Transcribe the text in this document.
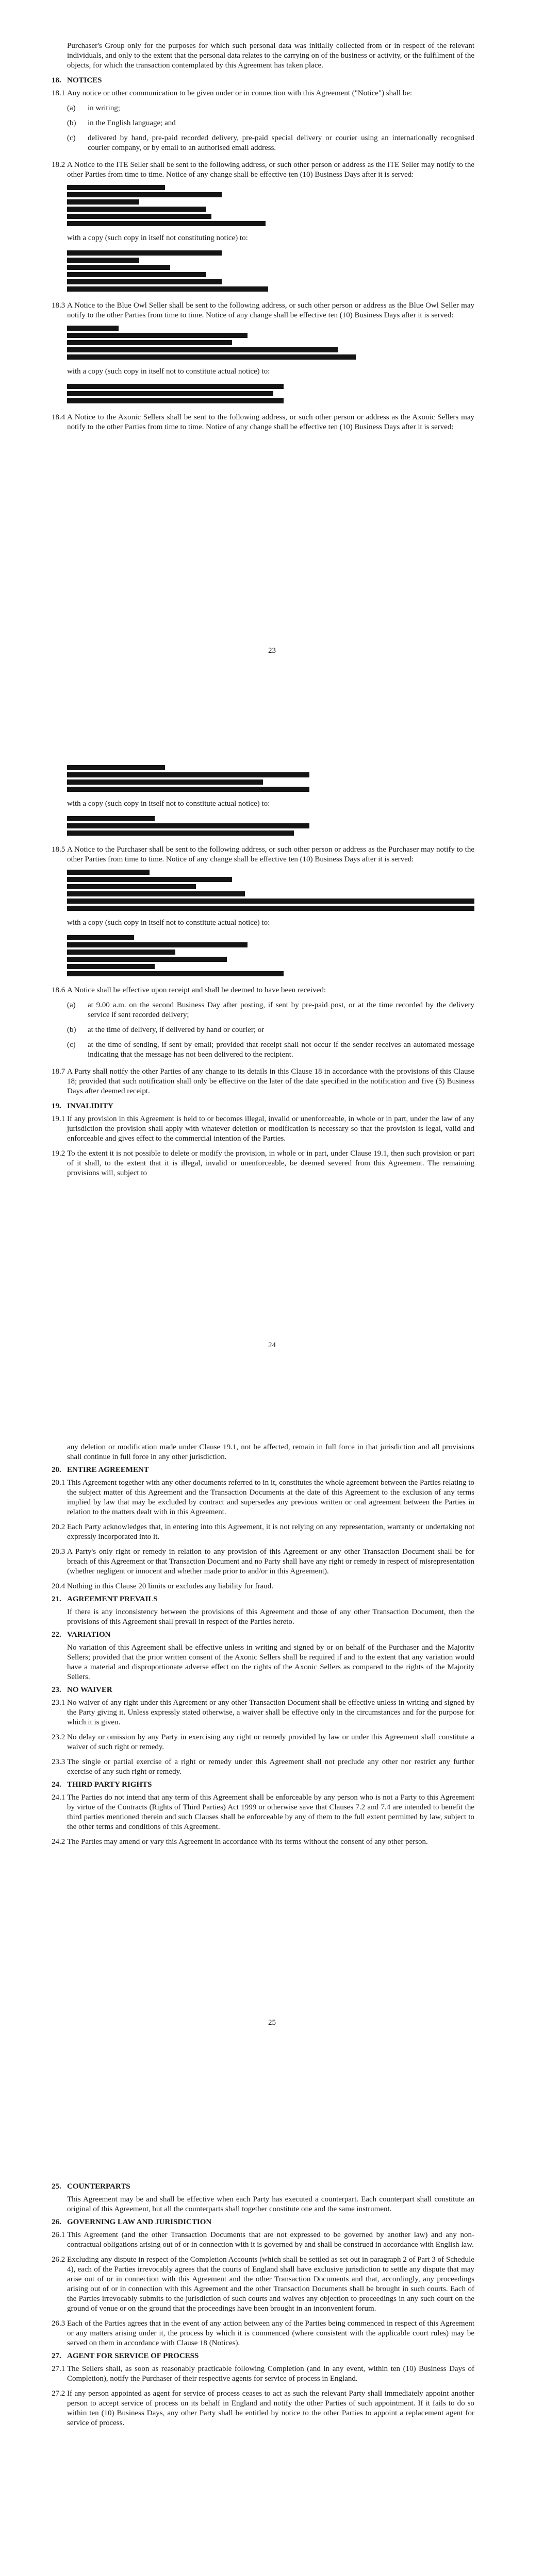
Purchaser's Group only for the purposes for which such personal data was initially collected from or in respect of the relevant individuals, and only to the extent that the personal data relates to the carrying on of the business or activity, or the fulfilment of the objects, for which the transaction contemplated by this Agreement has taken place.

18. NOTICES
18.1 Any notice or other communication to be given under or in connection with this Agreement ("Notice") shall be:
(a) in writing;
(b) in the English language; and
(c) delivered by hand, pre-paid recorded delivery, pre-paid special delivery or courier using an internationally recognised courier company, or by email to an authorised email address.
18.2 A Notice to the ITE Seller shall be sent to the following address, or such other person or address as the ITE Seller may notify to the other Parties from time to time. Notice of any change shall be effective ten (10) Business Days after it is served:
with a copy (such copy in itself not constituting notice) to:
18.3 A Notice to the Blue Owl Seller shall be sent to the following address, or such other person or address as the Blue Owl Seller may notify to the other Parties from time to time. Notice of any change shall be effective ten (10) Business Days after it is served:
with a copy (such copy in itself not to constitute actual notice) to:
18.4 A Notice to the Axonic Sellers shall be sent to the following address, or such other person or address as the Axonic Sellers may notify to the other Parties from time to time. Notice of any change shall be effective ten (10) Business Days after it is served:
23
with a copy (such copy in itself not to constitute actual notice) to:
18.5 A Notice to the Purchaser shall be sent to the following address, or such other person or address as the Purchaser may notify to the other Parties from time to time. Notice of any change shall be effective ten (10) Business Days after it is served:
with a copy (such copy in itself not to constitute actual notice) to:
18.6 A Notice shall be effective upon receipt and shall be deemed to have been received:
(a) at 9.00 a.m. on the second Business Day after posting, if sent by pre-paid post, or at the time recorded by the delivery service if sent recorded delivery;
(b) at the time of delivery, if delivered by hand or courier; or
(c) at the time of sending, if sent by email; provided that receipt shall not occur if the sender receives an automated message indicating that the message has not been delivered to the recipient.
18.7 A Party shall notify the other Parties of any change to its details in this Clause 18 in accordance with the provisions of this Clause 18; provided that such notification shall only be effective on the later of the date specified in the notification and five (5) Business Days after deemed receipt.
19. INVALIDITY
19.1 If any provision in this Agreement is held to or becomes illegal, invalid or unenforceable, in whole or in part, under the law of any jurisdiction the provision shall apply with whatever deletion or modification is necessary so that the provision is legal, valid and enforceable and gives effect to the commercial intention of the Parties.
19.2 To the extent it is not possible to delete or modify the provision, in whole or in part, under Clause 19.1, then such provision or part of it shall, to the extent that it is illegal, invalid or unenforceable, be deemed severed from this Agreement. The remaining provisions will, subject to
24
any deletion or modification made under Clause 19.1, not be affected, remain in full force in that jurisdiction and all provisions shall continue in full force in any other jurisdiction.
20. ENTIRE AGREEMENT
20.1 This Agreement together with any other documents referred to in it, constitutes the whole agreement between the Parties relating to the subject matter of this Agreement and the Transaction Documents at the date of this Agreement to the exclusion of any terms implied by law that may be excluded by contract and supersedes any previous written or oral agreement between the Parties in relation to the matters dealt with in this Agreement.
20.2 Each Party acknowledges that, in entering into this Agreement, it is not relying on any representation, warranty or undertaking not expressly incorporated into it.
20.3 A Party's only right or remedy in relation to any provision of this Agreement or any other Transaction Document shall be for breach of this Agreement or that Transaction Document and no Party shall have any right or remedy in respect of misrepresentation (whether negligent or innocent and whether made prior to and/or in this Agreement).
20.4 Nothing in this Clause 20 limits or excludes any liability for fraud.
21. AGREEMENT PREVAILS
If there is any inconsistency between the provisions of this Agreement and those of any other Transaction Document, then the provisions of this Agreement shall prevail in respect of the Parties hereto.
22. VARIATION
No variation of this Agreement shall be effective unless in writing and signed by or on behalf of the Purchaser and the Majority Sellers; provided that the prior written consent of the Axonic Sellers shall be required if and to the extent that any variation would have a material and disproportionate adverse effect on the rights of the Axonic Sellers as compared to the rights of the Majority Sellers.
23. NO WAIVER
23.1 No waiver of any right under this Agreement or any other Transaction Document shall be effective unless in writing and signed by the Party giving it. Unless expressly stated otherwise, a waiver shall be effective only in the circumstances and for the purpose for which it is given.
23.2 No delay or omission by any Party in exercising any right or remedy provided by law or under this Agreement shall constitute a waiver of such right or remedy.
23.3 The single or partial exercise of a right or remedy under this Agreement shall not preclude any other nor restrict any further exercise of any such right or remedy.
24. THIRD PARTY RIGHTS
24.1 The Parties do not intend that any term of this Agreement shall be enforceable by any person who is not a Party to this Agreement by virtue of the Contracts (Rights of Third Parties) Act 1999 or otherwise save that Clauses 7.2 and 7.4 are intended to benefit the third parties mentioned therein and such Clauses shall be enforceable by any of them to the full extent permitted by law, subject to the other terms and conditions of this Agreement.
24.2 The Parties may amend or vary this Agreement in accordance with its terms without the consent of any other person.
25
25. COUNTERPARTS
This Agreement may be and shall be effective when each Party has executed a counterpart. Each counterpart shall constitute an original of this Agreement, but all the counterparts shall together constitute one and the same instrument.
26. GOVERNING LAW AND JURISDICTION
26.1 This Agreement (and the other Transaction Documents that are not expressed to be governed by another law) and any non-contractual obligations arising out of or in connection with it is governed by and shall be construed in accordance with English law.
26.2 Excluding any dispute in respect of the Completion Accounts (which shall be settled as set out in paragraph 2 of Part 3 of Schedule 4), each of the Parties irrevocably agrees that the courts of England shall have exclusive jurisdiction to settle any dispute that may arise out of or in connection with this Agreement and the other Transaction Documents and that, accordingly, any proceedings arising out of or in connection with this Agreement and the other Transaction Documents shall be brought in such courts. Each of the Parties irrevocably submits to the jurisdiction of such courts and waives any objection to proceedings in any such court on the ground of venue or on the ground that the proceedings have been brought in an inconvenient forum.
26.3 Each of the Parties agrees that in the event of any action between any of the Parties being commenced in respect of this Agreement or any matters arising under it, the process by which it is commenced (where consistent with the applicable court rules) may be served on them in accordance with Clause 18 (Notices).
27. AGENT FOR SERVICE OF PROCESS
27.1 The Sellers shall, as soon as reasonably practicable following Completion (and in any event, within ten (10) Business Days of Completion), notify the Purchaser of their respective agents for service of process in England.
27.2 If any person appointed as agent for service of process ceases to act as such the relevant Party shall immediately appoint another person to accept service of process on its behalf in England and notify the other Parties of such appointment. If it fails to do so within ten (10) Business Days, any other Party shall be entitled by notice to the other Parties to appoint a replacement agent for service of process.
